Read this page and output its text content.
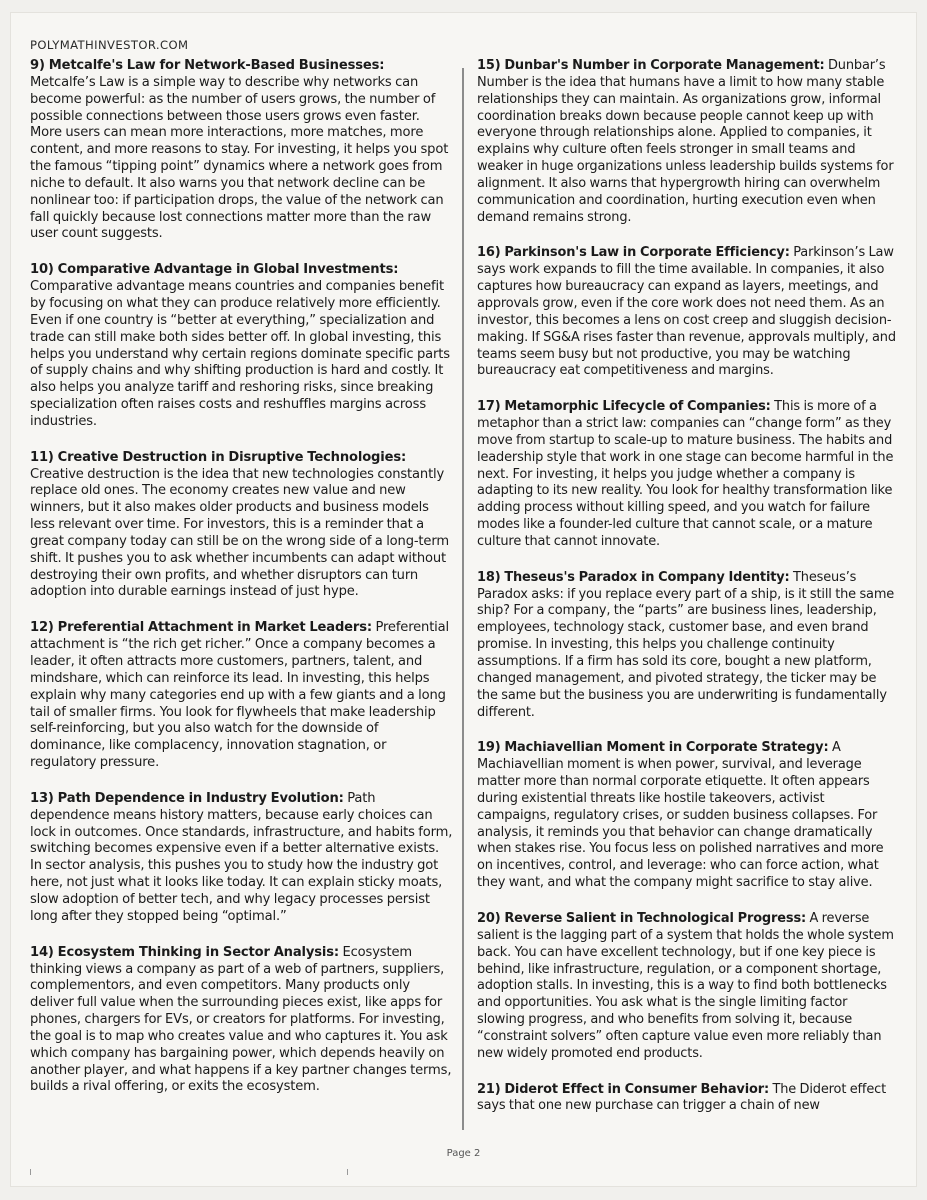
POLYMATHINVESTOR.COM

9) Metcalfe's Law for Network-Based Businesses: Metcalfe’s Law is a simple way to describe why networks can become powerful: as the number of users grows, the number of possible connections between those users grows even faster. More users can mean more interactions, more matches, more content, and more reasons to stay. For investing, it helps you spot the famous “tipping point” dynamics where a network goes from niche to default. It also warns you that network decline can be nonlinear too: if participation drops, the value of the network can fall quickly because lost connections matter more than the raw user count suggests.

10) Comparative Advantage in Global Investments: Comparative advantage means countries and companies benefit by focusing on what they can produce relatively more efficiently. Even if one country is “better at everything,” specialization and trade can still make both sides better off. In global investing, this helps you understand why certain regions dominate specific parts of supply chains and why shifting production is hard and costly. It also helps you analyze tariff and reshoring risks, since breaking specialization often raises costs and reshuffles margins across industries.

11) Creative Destruction in Disruptive Technologies: Creative destruction is the idea that new technologies constantly replace old ones. The economy creates new value and new winners, but it also makes older products and business models less relevant over time. For investors, this is a reminder that a great company today can still be on the wrong side of a long-term shift. It pushes you to ask whether incumbents can adapt without destroying their own profits, and whether disruptors can turn adoption into durable earnings instead of just hype.

12) Preferential Attachment in Market Leaders: Preferential attachment is “the rich get richer.” Once a company becomes a leader, it often attracts more customers, partners, talent, and mindshare, which can reinforce its lead. In investing, this helps explain why many categories end up with a few giants and a long tail of smaller firms. You look for flywheels that make leadership self-reinforcing, but you also watch for the downside of dominance, like complacency, innovation stagnation, or regulatory pressure.

13) Path Dependence in Industry Evolution: Path dependence means history matters, because early choices can lock in outcomes. Once standards, infrastructure, and habits form, switching becomes expensive even if a better alternative exists. In sector analysis, this pushes you to study how the industry got here, not just what it looks like today. It can explain sticky moats, slow adoption of better tech, and why legacy processes persist long after they stopped being “optimal.”

14) Ecosystem Thinking in Sector Analysis: Ecosystem thinking views a company as part of a web of partners, suppliers, complementors, and even competitors. Many products only deliver full value when the surrounding pieces exist, like apps for phones, chargers for EVs, or creators for platforms. For investing, the goal is to map who creates value and who captures it. You ask which company has bargaining power, which depends heavily on another player, and what happens if a key partner changes terms, builds a rival offering, or exits the ecosystem.

15) Dunbar's Number in Corporate Management: Dunbar’s Number is the idea that humans have a limit to how many stable relationships they can maintain. As organizations grow, informal coordination breaks down because people cannot keep up with everyone through relationships alone. Applied to companies, it explains why culture often feels stronger in small teams and weaker in huge organizations unless leadership builds systems for alignment. It also warns that hypergrowth hiring can overwhelm communication and coordination, hurting execution even when demand remains strong.

16) Parkinson's Law in Corporate Efficiency: Parkinson’s Law says work expands to fill the time available. In companies, it also captures how bureaucracy can expand as layers, meetings, and approvals grow, even if the core work does not need them. As an investor, this becomes a lens on cost creep and sluggish decision-making. If SG&A rises faster than revenue, approvals multiply, and teams seem busy but not productive, you may be watching bureaucracy eat competitiveness and margins.

17) Metamorphic Lifecycle of Companies: This is more of a metaphor than a strict law: companies can “change form” as they move from startup to scale-up to mature business. The habits and leadership style that work in one stage can become harmful in the next. For investing, it helps you judge whether a company is adapting to its new reality. You look for healthy transformation like adding process without killing speed, and you watch for failure modes like a founder-led culture that cannot scale, or a mature culture that cannot innovate.

18) Theseus's Paradox in Company Identity: Theseus’s Paradox asks: if you replace every part of a ship, is it still the same ship? For a company, the “parts” are business lines, leadership, employees, technology stack, customer base, and even brand promise. In investing, this helps you challenge continuity assumptions. If a firm has sold its core, bought a new platform, changed management, and pivoted strategy, the ticker may be the same but the business you are underwriting is fundamentally different.

19) Machiavellian Moment in Corporate Strategy: A Machiavellian moment is when power, survival, and leverage matter more than normal corporate etiquette. It often appears during existential threats like hostile takeovers, activist campaigns, regulatory crises, or sudden business collapses. For analysis, it reminds you that behavior can change dramatically when stakes rise. You focus less on polished narratives and more on incentives, control, and leverage: who can force action, what they want, and what the company might sacrifice to stay alive.

20) Reverse Salient in Technological Progress: A reverse salient is the lagging part of a system that holds the whole system back. You can have excellent technology, but if one key piece is behind, like infrastructure, regulation, or a component shortage, adoption stalls. In investing, this is a way to find both bottlenecks and opportunities. You ask what is the single limiting factor slowing progress, and who benefits from solving it, because “constraint solvers” often capture value even more reliably than new widely promoted end products.

21) Diderot Effect in Consumer Behavior: The Diderot effect says that one new purchase can trigger a chain of new

Page 2
